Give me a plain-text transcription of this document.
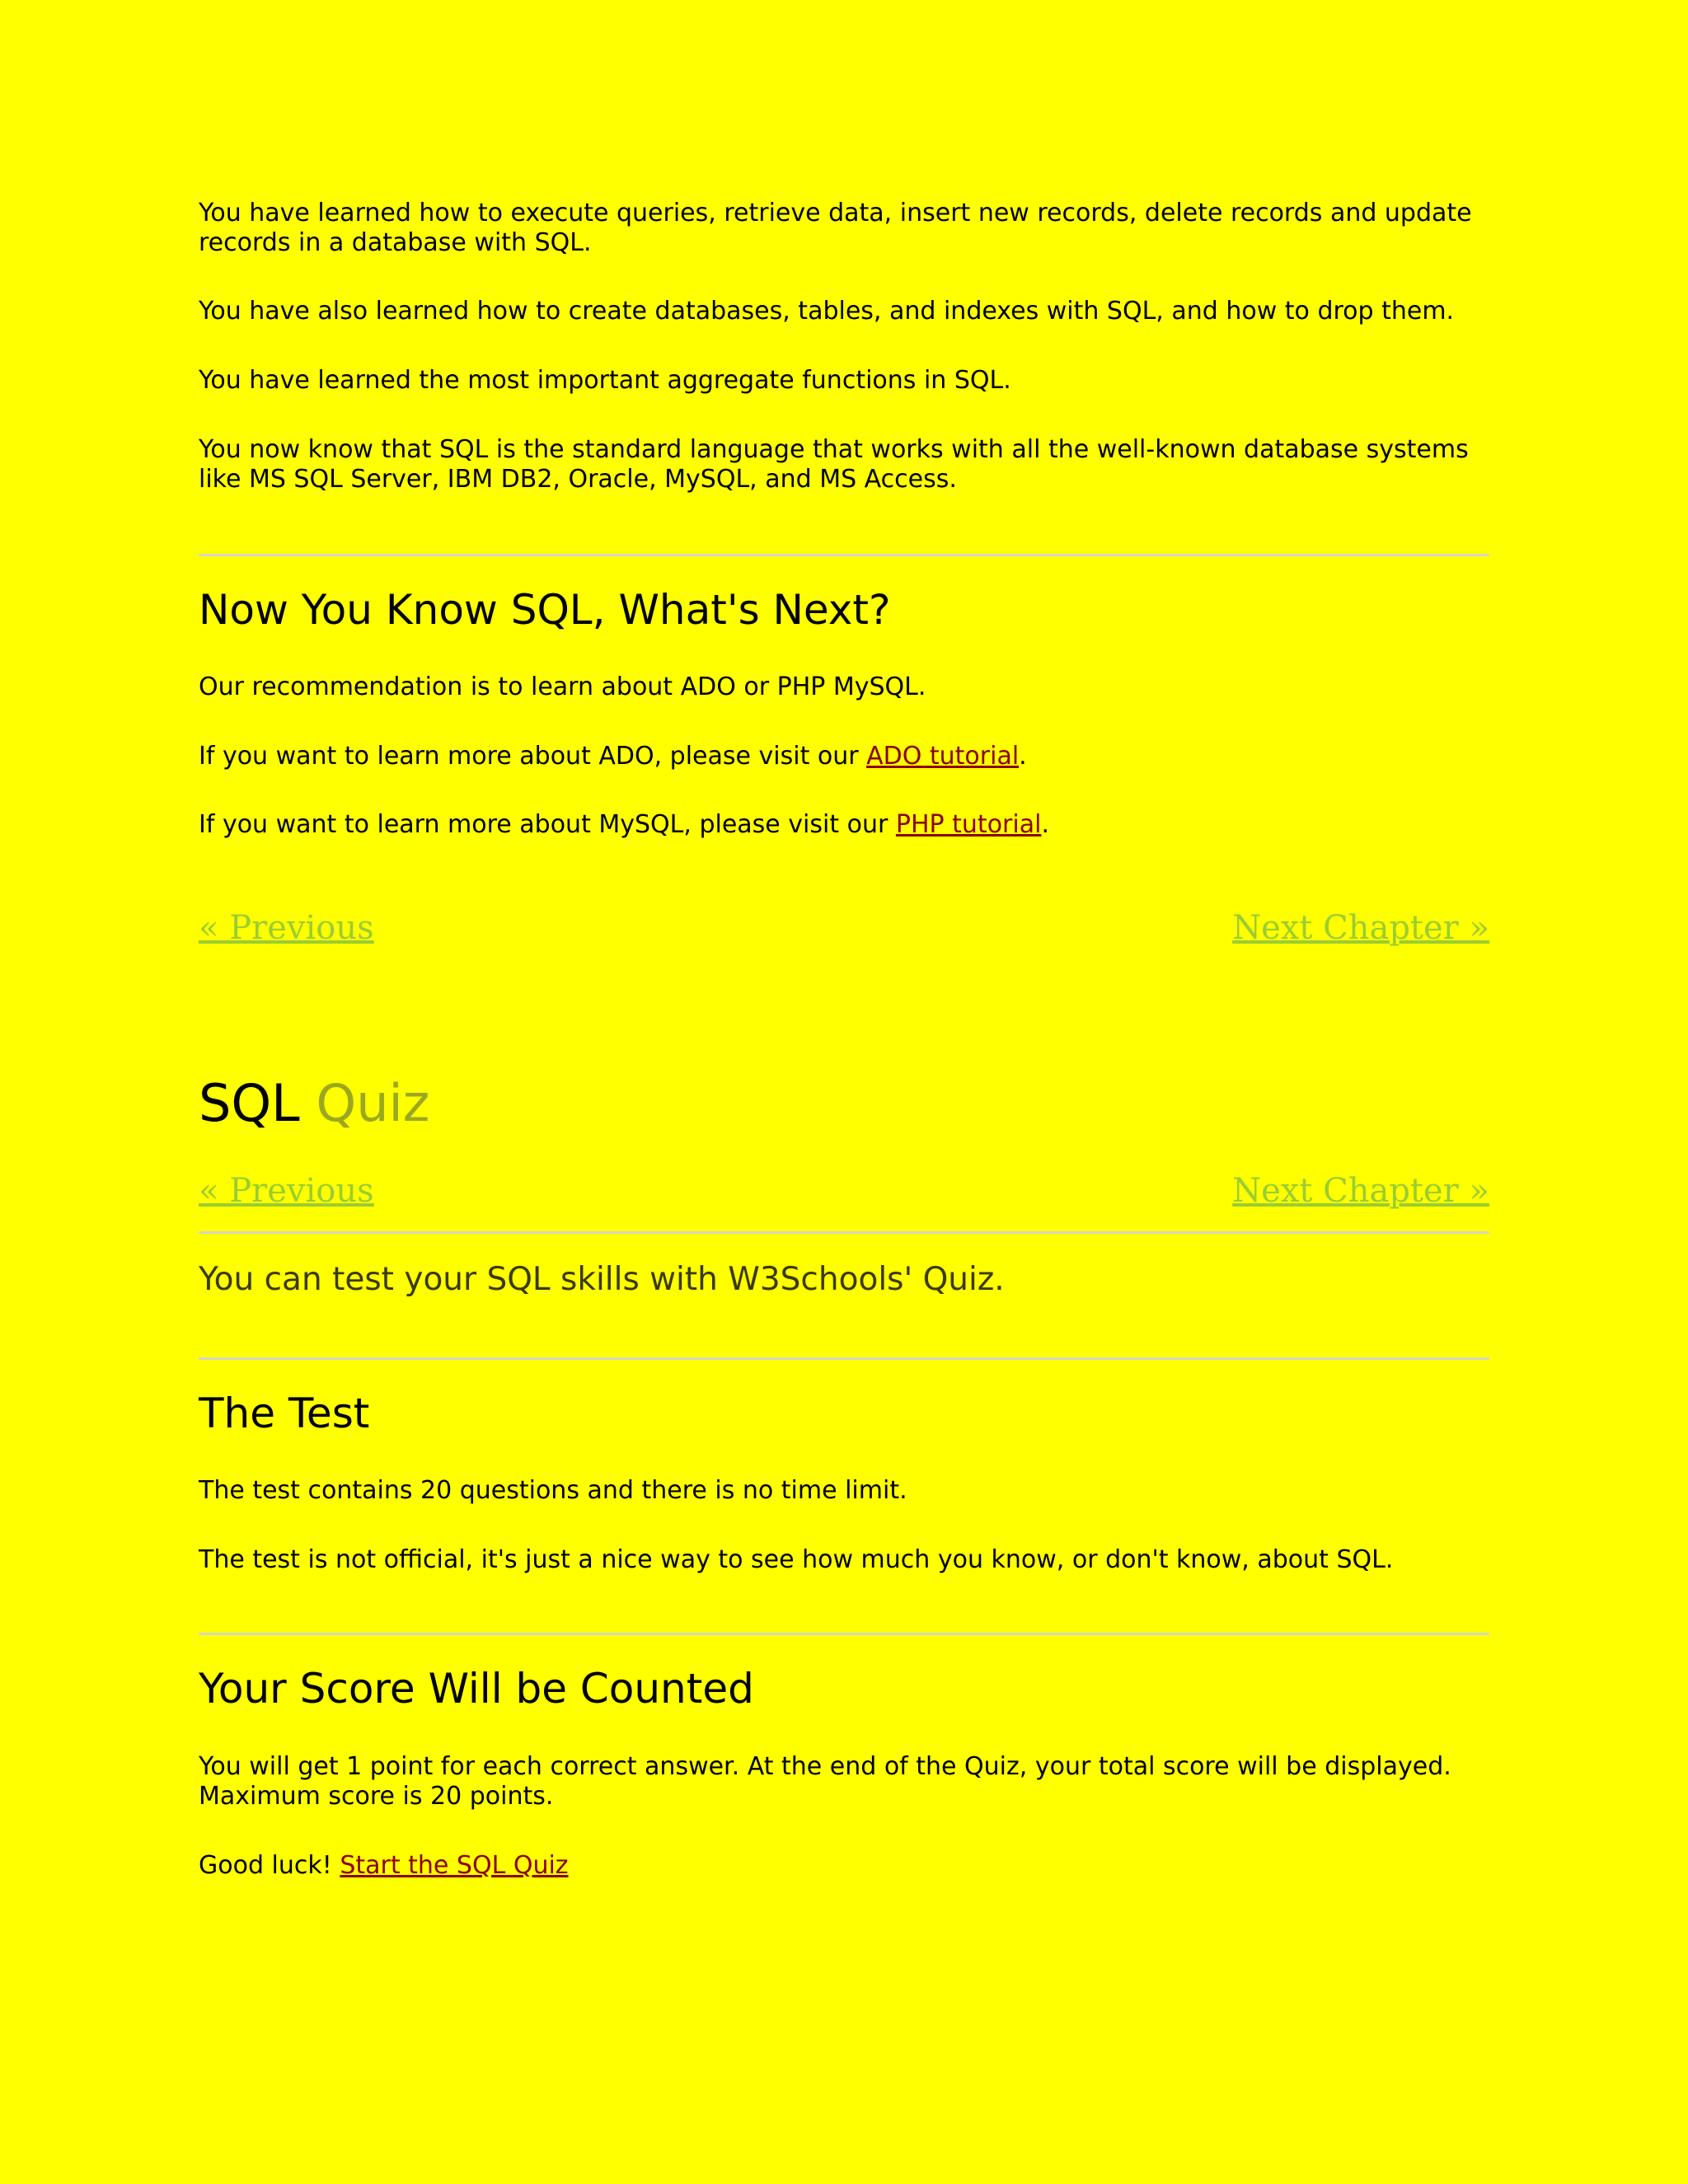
You have learned how to execute queries, retrieve data, insert new records, delete records and update records in a database with SQL.

You have also learned how to create databases, tables, and indexes with SQL, and how to drop them.

You have learned the most important aggregate functions in SQL.

You now know that SQL is the standard language that works with all the well-known database systems like MS SQL Server, IBM DB2, Oracle, MySQL, and MS Access.

Now You Know SQL, What's Next?

Our recommendation is to learn about ADO or PHP MySQL.

If you want to learn more about ADO, please visit our ADO tutorial.

If you want to learn more about MySQL, please visit our PHP tutorial.

« Previous	Next Chapter »
SQL Quiz
« Previous	Next Chapter »

You can test your SQL skills with W3Schools' Quiz.

The Test

The test contains 20 questions and there is no time limit.

The test is not official, it's just a nice way to see how much you know, or don't know, about SQL.

Your Score Will be Counted

You will get 1 point for each correct answer. At the end of the Quiz, your total score will be displayed. Maximum score is 20 points.

Good luck! Start the SQL Quiz
